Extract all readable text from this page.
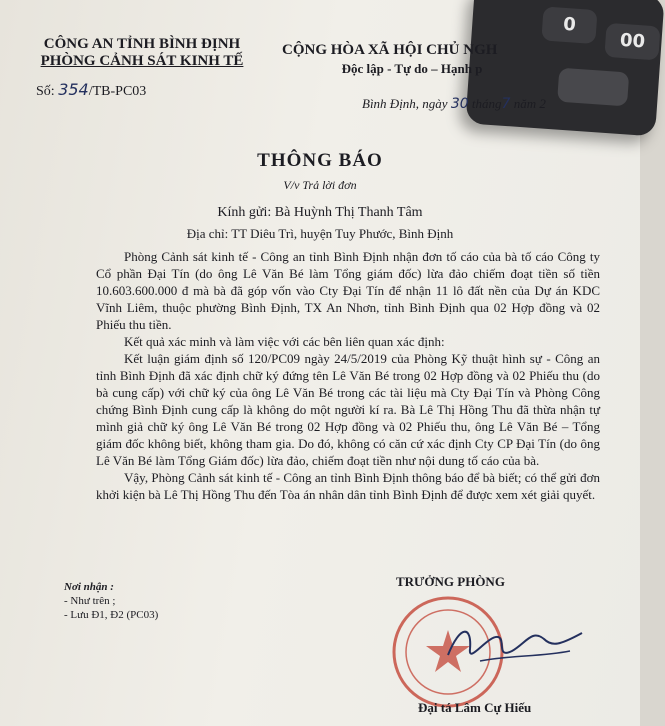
0
00
CÔNG AN TỈNH BÌNH ĐỊNH
PHÒNG CẢNH SÁT KINH TẾ
Số: 354/TB-PC03
CỘNG HÒA XÃ HỘI CHỦ NGH
Độc lập - Tự do – Hạnh p
Bình Định, ngày 30 tháng7 năm 2
THÔNG BÁO
V/v Trả lời đơn
Kính gửi: Bà Huỳnh Thị Thanh Tâm
Địa chỉ: TT Diêu Trì, huyện Tuy Phước, Bình Định

Phòng Cảnh sát kinh tế - Công an tỉnh Bình Định nhận đơn tố cáo của bà tố cáo Công ty Cổ phần Đại Tín (do ông Lê Văn Bé làm Tổng giám đốc) lừa đảo chiếm đoạt tiền số tiền 10.603.600.000 đ mà bà đã góp vốn vào Cty Đại Tín để nhận 11 lô đất nền của Dự án KDC Vĩnh Liêm, thuộc phường Bình Định, TX An Nhơn, tỉnh Bình Định qua 02 Hợp đồng và 02 Phiếu thu tiền.

Kết quả xác minh và làm việc với các bên liên quan xác định:

Kết luận giám định số 120/PC09 ngày 24/5/2019 của Phòng Kỹ thuật hình sự - Công an tỉnh Bình Định đã xác định chữ ký đứng tên Lê Văn Bé trong 02 Hợp đồng và 02 Phiếu thu (do bà cung cấp) với chữ ký của ông Lê Văn Bé trong các tài liệu mà Cty Đại Tín và Phòng Công chứng Bình Định cung cấp là không do một người kí ra. Bà Lê Thị Hồng Thu đã thừa nhận tự mình giả chữ ký ông Lê Văn Bé trong 02 Hợp đồng và 02 Phiếu thu, ông Lê Văn Bé – Tổng giám đốc không biết, không tham gia. Do đó, không có căn cứ xác định Cty CP Đại Tín (do ông Lê Văn Bé làm Tổng Giám đốc) lừa đảo, chiếm đoạt tiền như nội dung tố cáo của bà.

Vậy, Phòng Cảnh sát kinh tế - Công an tỉnh Bình Định thông báo để bà biết; có thể gửi đơn khởi kiện bà Lê Thị Hồng Thu đến Tòa án nhân dân tỉnh Bình Định để được xem xét giải quyết.

Nơi nhận :
- Như trên ;
- Lưu Đ1, Đ2 (PC03)
TRƯỞNG PHÒNG
Đại tá Lâm Cự Hiếu
